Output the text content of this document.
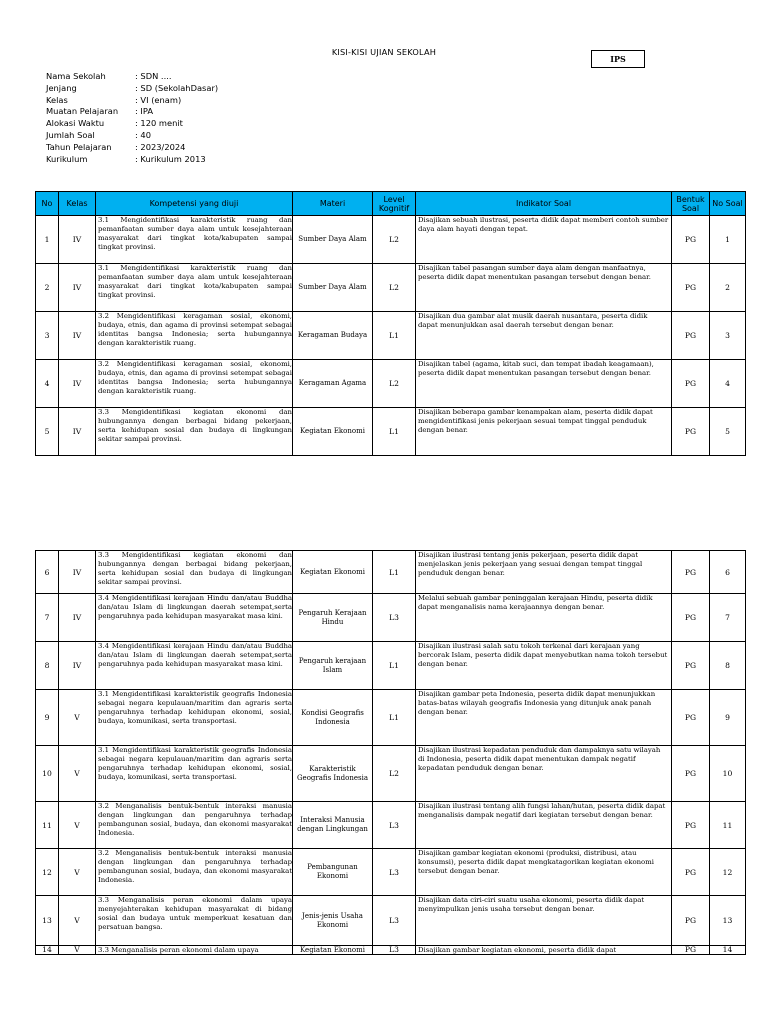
KISI-KISI UJIAN SEKOLAH
IPS
Nama Sekolah	: SDN ....
Jenjang	: SD (SekolahDasar)
Kelas	: VI (enam)
Muatan Pelajaran	: IPA
Alokasi Waktu	: 120 menit
Jumlah Soal	: 40
Tahun Pelajaran	: 2023/2024
Kurikulum	: Kurikulum 2013
No	Kelas	Kompetensi yang diuji	Materi	Level Kognitif	Indikator Soal	Bentuk Soal	No Soal
1	IV	3.1 Mengidentifikasi karakteristik ruang dan pemanfaatan sumber daya alam untuk kesejahteraan masyarakat dari tingkat kota/kabupaten sampai tingkat provinsi.	Sumber Daya Alam	L2	Disajikan sebuah ilustrasi, peserta didik dapat memberi contoh sumber daya alam hayati dengan tepat.	PG	1
2	IV	3.1 Mengidentifikasi karakteristik ruang dan pemanfaatan sumber daya alam untuk kesejahteraan masyarakat dari tingkat kota/kabupaten sampai tingkat provinsi.	Sumber Daya Alam	L2	Disajikan tabel pasangan sumber daya alam dengan manfaatnya, peserta didik dapat menentukan pasangan tersebut dengan benar.	PG	2
3	IV	3.2 Mengidentifikasi keragaman sosial, ekonomi, budaya, etnis, dan agama di provinsi setempat sebagai identitas bangsa Indonesia; serta hubungannya dengan karakteristik ruang.	Keragaman Budaya	L1	Disajikan dua gambar alat musik daerah nusantara, peserta didik dapat menunjukkan asal daerah tersebut dengan benar.	PG	3
4	IV	3.2 Mengidentifikasi keragaman sosial, ekonomi, budaya, etnis, dan agama di provinsi setempat sebagai identitas bangsa Indonesia; serta hubungannya dengan karakteristik ruang.	Keragaman Agama	L2	Disajikan tabel (agama, kitab suci, dan tempat ibadah keagamaan), peserta didik dapat menentukan pasangan tersebut dengan benar.	PG	4
5	IV	3.3 Mengidentifikasi kegiatan ekonomi dan hubungannya dengan berbagai bidang pekerjaan, serta kehidupan sosial dan budaya di lingkungan sekitar sampai provinsi.	Kegiatan Ekonomi	L1	Disajikan beberapa gambar kenampakan alam, peserta didik dapat mengidentifikasi jenis pekerjaan sesuai tempat tinggal penduduk dengan benar.	PG	5
6	IV	3.3 Mengidentifikasi kegiatan ekonomi dan hubungannya dengan berbagai bidang pekerjaan, serta kehidupan sosial dan budaya di lingkungan sekitar sampai provinsi.	Kegiatan Ekonomi	L1	Disajikan ilustrasi tentang jenis pekerjaan, peserta didik dapat menjelaskan jenis pekerjaan yang sesuai dengan tempat tinggal penduduk dengan benar.	PG	6
7	IV	3.4 Mengidentifikasi kerajaan Hindu dan/atau Buddha dan/atau Islam di lingkungan daerah setempat,serta pengaruhnya pada kehidupan masyarakat masa kini.	Pengaruh Kerajaan Hindu	L3	Melalui sebuah gambar peninggalan kerajaan Hindu, peserta didik dapat menganalisis nama kerajaannya dengan benar.	PG	7
8	IV	3.4 Mengidentifikasi kerajaan Hindu dan/atau Buddha dan/atau Islam di lingkungan daerah setempat,serta pengaruhnya pada kehidupan masyarakat masa kini.	Pengaruh kerajaan Islam	L1	Disajikan ilustrasi salah satu tokoh terkenal dari kerajaan yang bercorak Islam, peserta didik dapat menyebutkan nama tokoh tersebut dengan benar.	PG	8
9	V	3.1 Mengidentifikasi karakteristik geografis Indonesia sebagai negara kepulauan/maritim dan agraris serta pengaruhnya terhadap kehidupan ekonomi, sosial, budaya, komunikasi, serta transportasi.	Kondisi Geografis Indonesia	L1	Disajikan gambar peta Indonesia, peserta didik dapat menunjukkan batas-batas wilayah geografis Indonesia yang ditunjuk anak panah dengan benar.	PG	9
10	V	3.1 Mengidentifikasi karakteristik geografis Indonesia sebagai negara kepulauan/maritim dan agraris serta pengaruhnya terhadap kehidupan ekonomi, sosial, budaya, komunikasi, serta transportasi.	Karakteristik Geografis Indonesia	L2	Disajikan ilustrasi kepadatan penduduk dan dampaknya satu wilayah di Indonesia, peserta didik dapat menentukan dampak negatif kepadatan penduduk dengan benar.	PG	10
11	V	3.2 Menganalisis bentuk-bentuk interaksi manusia dengan lingkungan dan pengaruhnya terhadap pembangunan sosial, budaya, dan ekonomi masyarakat Indonesia.	Interaksi Manusia dengan Lingkungan	L3	Disajikan ilustrasi tentang alih fungsi lahan/hutan, peserta didik dapat menganalisis dampak negatif dari kegiatan tersebut dengan benar.	PG	11
12	V	3.2 Menganalisis bentuk-bentuk interaksi manusia dengan lingkungan dan pengaruhnya terhadap pembangunan sosial, budaya, dan ekonomi masyarakat Indonesia.	Pembangunan Ekonomi	L3	Disajikan gambar kegiatan ekonomi (produksi, distribusi, atau konsumsi), peserta didik dapat mengkatagorikan kegiatan ekonomi tersebut dengan benar.	PG	12
13	V	3.3 Menganalisis peran ekonomi dalam upaya menyejahterakan kehidupan masyarakat di bidang sosial dan budaya untuk memperkuat kesatuan dan persatuan bangsa.	Jenis-jenis Usaha Ekonomi	L3	Disajikan data ciri-ciri suatu usaha ekonomi, peserta didik dapat menyimpulkan jenis usaha tersebut dengan benar.	PG	13
14	V	3.3 Menganalisis peran ekonomi dalam upaya	Kegiatan Ekonomi	L3	Disajikan gambar kegiatan ekonomi, peserta didik dapat	PG	14
